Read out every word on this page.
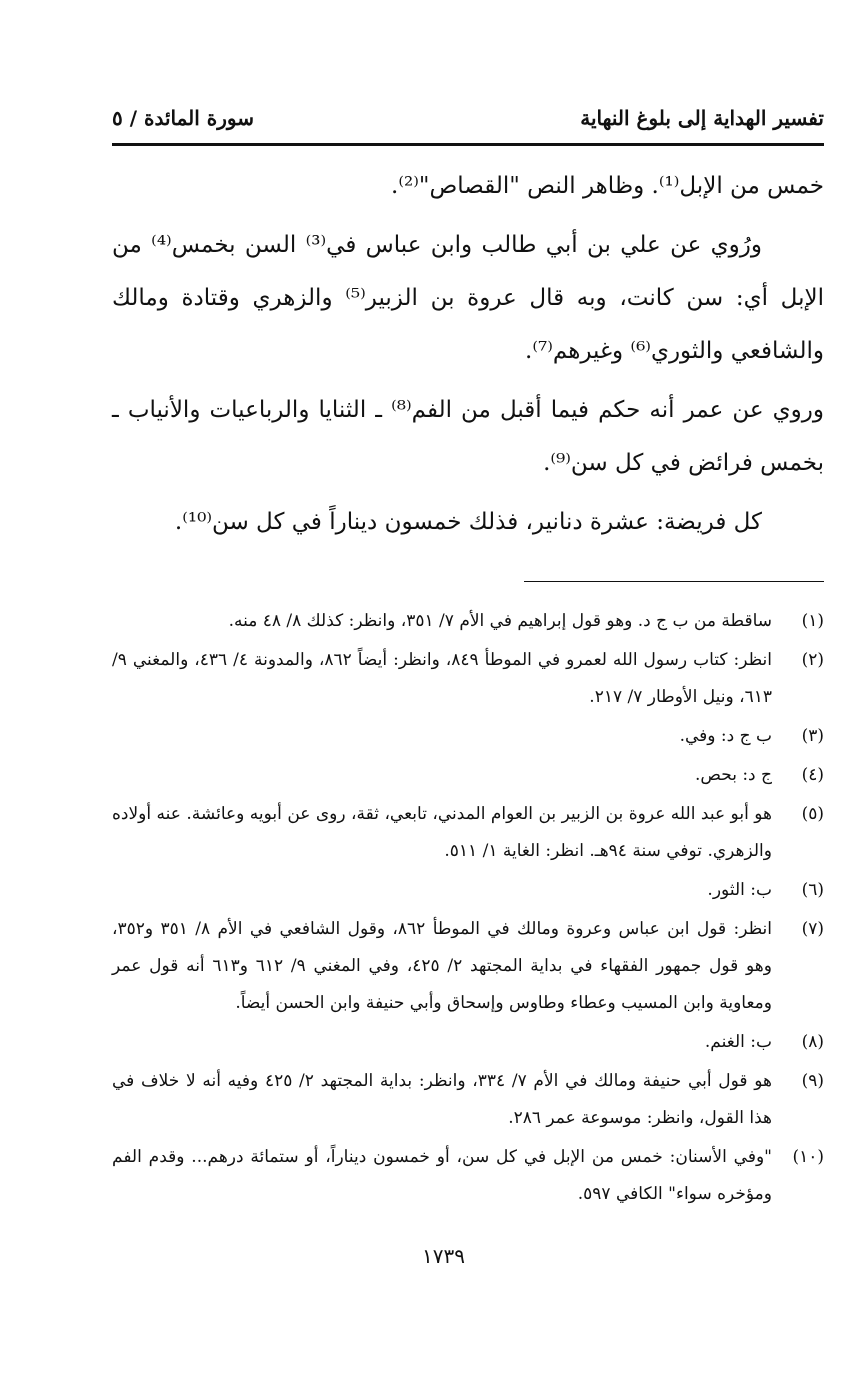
تفسير الهداية إلى بلوغ النهاية
سورة المائدة / ٥

خمس من الإبل⁽¹⁾. وظاهر النص "القصاص"⁽²⁾.

ورُوي عن علي بن أبي طالب وابن عباس في⁽³⁾ السن بخمس⁽⁴⁾ من الإبل أي: سن كانت، وبه قال عروة بن الزبير⁽⁵⁾ والزهري وقتادة ومالك والشافعي والثوري⁽⁶⁾ وغيرهم⁽⁷⁾.

وروي عن عمر أنه حكم فيما أقبل من الفم⁽⁸⁾ ـ الثنايا والرباعيات والأنياب ـ بخمس فرائض في كل سن⁽⁹⁾.

كل فريضة: عشرة دنانير، فذلك خمسون ديناراً في كل سن⁽¹⁰⁾.

(١)
ساقطة من ب ج د. وهو قول إبراهيم في الأم ٧/ ٣٥١، وانظر: كذلك ٨/ ٤٨ منه.
(٢)
انظر: كتاب رسول الله لعمرو في الموطأ ٨٤٩، وانظر: أيضاً ٨٦٢، والمدونة ٤/ ٤٣٦، والمغني ٩/ ٦١٣، ونيل الأوطار ٧/ ٢١٧.
(٣)
ب ج د: وفي.
(٤)
ج د: بحص.
(٥)
هو أبو عبد الله عروة بن الزبير بن العوام المدني، تابعي، ثقة، روى عن أبويه وعائشة. عنه أولاده والزهري. توفي سنة ٩٤هـ. انظر: الغاية ١/ ٥١١.
(٦)
ب: الثور.
(٧)
انظر: قول ابن عباس وعروة ومالك في الموطأ ٨٦٢، وقول الشافعي في الأم ٨/ ٣٥١ و٣٥٢، وهو قول جمهور الفقهاء في بداية المجتهد ٢/ ٤٢٥، وفي المغني ٩/ ٦١٢ و٦١٣ أنه قول عمر ومعاوية وابن المسيب وعطاء وطاوس وإسحاق وأبي حنيفة وابن الحسن أيضاً.
(٨)
ب: الغنم.
(٩)
هو قول أبي حنيفة ومالك في الأم ٧/ ٣٣٤، وانظر: بداية المجتهد ٢/ ٤٢٥ وفيه أنه لا خلاف في هذا القول، وانظر: موسوعة عمر ٢٨٦.
(١٠)
"وفي الأسنان: خمس من الإبل في كل سن، أو خمسون ديناراً، أو ستمائة درهم... وقدم الفم ومؤخره سواء" الكافي ٥٩٧.
١٧٣٩
